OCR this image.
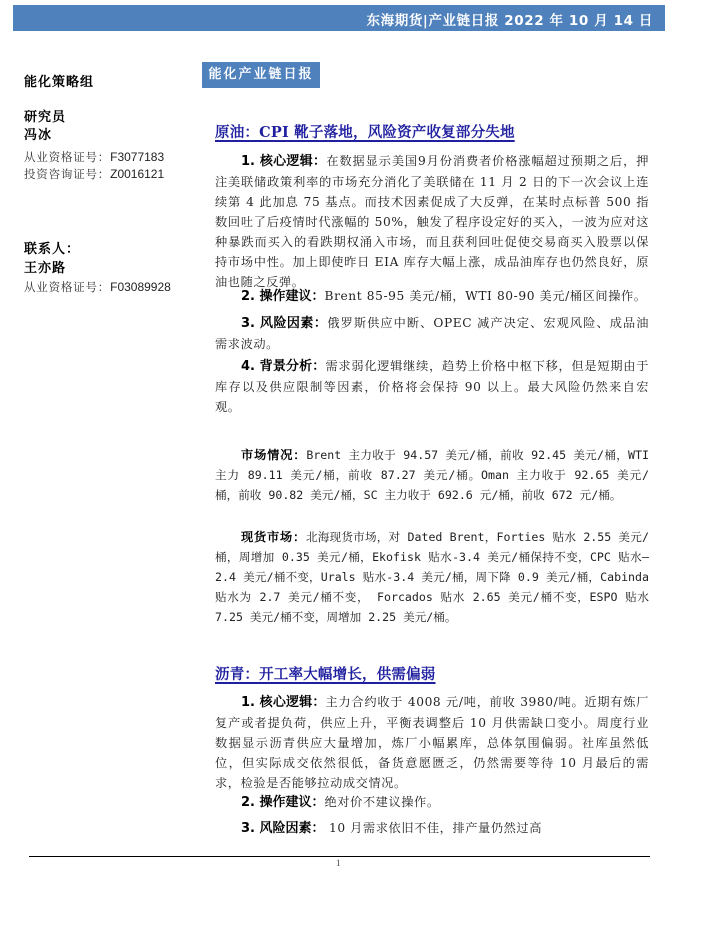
东海期货|产业链日报 2022 年 10 月 14 日
能化策略组
研究员
冯冰
从业资格证号：F3077183
投资咨询证号：Z0016121
联系人：
王亦路
从业资格证号：F03089928
能化产业链日报
原油：CPI 靴子落地，风险资产收复部分失地
1. 核心逻辑：在数据显示美国9月份消费者价格涨幅超过预期之后，押注美联储政策利率的市场充分消化了美联储在 11 月 2 日的下一次会议上连续第 4 此加息 75 基点。而技术因素促成了大反弹，在某时点标普 500 指数回吐了后疫情时代涨幅的 50%，触发了程序设定好的买入，一波为应对这种暴跌而买入的看跌期权涌入市场，而且获利回吐促使交易商买入股票以保持市场中性。加上即使昨日 EIA 库存大幅上涨，成品油库存也仍然良好，原油也随之反弹。
2. 操作建议：Brent 85-95 美元/桶，WTI 80-90 美元/桶区间操作。
3. 风险因素：俄罗斯供应中断、OPEC 减产决定、宏观风险、成品油需求波动。
4. 背景分析：需求弱化逻辑继续，趋势上价格中枢下移，但是短期由于库存以及供应限制等因素，价格将会保持 90 以上。最大风险仍然来自宏观。
市场情况：Brent 主力收于 94.57 美元/桶，前收 92.45 美元/桶，WTI 主力 89.11 美元/桶，前收 87.27 美元/桶。Oman 主力收于 92.65 美元/桶，前收 90.82 美元/桶，SC 主力收于 692.6 元/桶，前收 672 元/桶。
现货市场：北海现货市场，对 Dated Brent，Forties 贴水 2.55 美元/桶，周增加 0.35 美元/桶，Ekofisk 贴水-3.4 美元/桶保持不变，CPC 贴水—2.4 美元/桶不变，Urals 贴水-3.4 美元/桶，周下降 0.9 美元/桶，Cabinda 贴水为 2.7 美元/桶不变， Forcados 贴水 2.65 美元/桶不变，ESPO 贴水 7.25 美元/桶不变，周增加 2.25 美元/桶。
沥青：开工率大幅增长，供需偏弱
1. 核心逻辑：主力合约收于 4008 元/吨，前收 3980/吨。近期有炼厂复产或者提负荷，供应上升，平衡表调整后 10 月供需缺口变小。周度行业数据显示沥青供应大量增加，炼厂小幅累库，总体氛围偏弱。社库虽然低位，但实际成交依然很低，备货意愿匮乏，仍然需要等待 10 月最后的需求，检验是否能够拉动成交情况。
2. 操作建议：绝对价不建议操作。
3. 风险因素： 10 月需求依旧不佳，排产量仍然过高
1
